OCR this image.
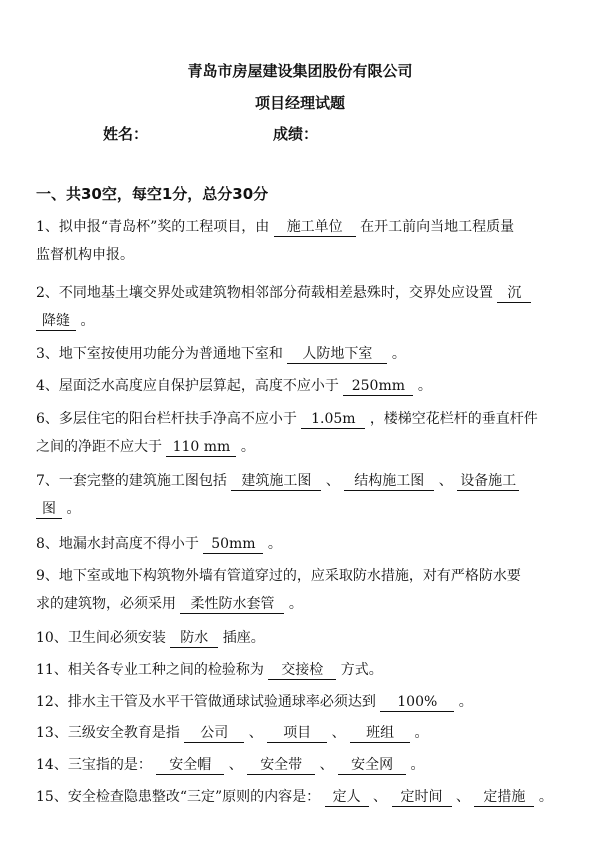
青岛市房屋建设集团股份有限公司
项目经理试题
姓名：	成绩：
一、共30空，每空1分，总分30分
1、拟申报“青岛杯”奖的工程项目，由 施工单位 在开工前向当地工程质量
监督机构申报。
2、不同地基土壤交界处或建筑物相邻部分荷载相差悬殊时，交界处应设置 沉
降缝 。
3、地下室按使用功能分为普通地下室和 人防地下室 。
4、屋面泛水高度应自保护层算起，高度不应小于 250mm 。
6、多层住宅的阳台栏杆扶手净高不应小于 1.05m ，楼梯空花栏杆的垂直杆件
之间的净距不应大于 110 mm 。
7、一套完整的建筑施工图包括 建筑施工图 、 结构施工图 、 设备施工
图 。
8、地漏水封高度不得小于 50mm 。
9、地下室或地下构筑物外墙有管道穿过的，应采取防水措施，对有严格防水要
求的建筑物，必须采用 柔性防水套管 。
10、卫生间必须安装 防水 插座。
11、相关各专业工种之间的检验称为 交接检 方式。
12、排水主干管及水平干管做通球试验通球率必须达到 100% 。
13、三级安全教育是指 公司 、 项目 、 班组 。
14、三宝指的是： 安全帽 、 安全带 、 安全网 。
15、安全检查隐患整改“三定”原则的内容是： 定人 、 定时间 、 定措施 。
